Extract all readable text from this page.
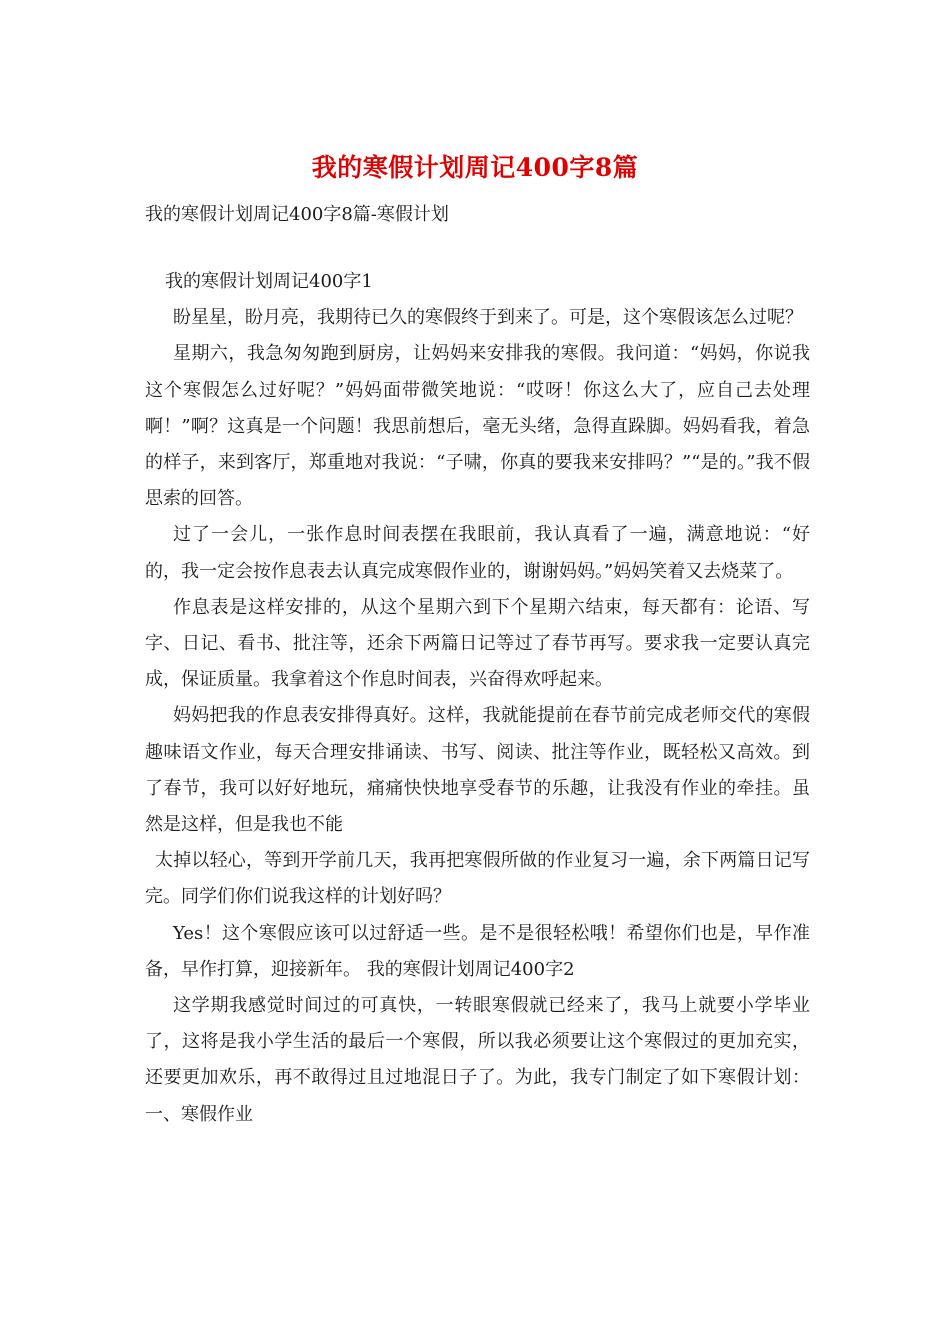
我的寒假计划周记400字8篇
我的寒假计划周记400字8篇-寒假计划

我的寒假计划周记400字1

盼星星，盼月亮，我期待已久的寒假终于到来了。可是，这个寒假该怎么过呢？

星期六，我急匆匆跑到厨房，让妈妈来安排我的寒假。我问道：“妈妈，你说我这个寒假怎么过好呢？”妈妈面带微笑地说：“哎呀！你这么大了，应自己去处理啊！”啊？这真是一个问题！我思前想后，毫无头绪，急得直跺脚。妈妈看我，着急的样子，来到客厅，郑重地对我说：“子啸，你真的要我来安排吗？”“是的。”我不假思索的回答。

过了一会儿，一张作息时间表摆在我眼前，我认真看了一遍，满意地说：“好的，我一定会按作息表去认真完成寒假作业的，谢谢妈妈。”妈妈笑着又去烧菜了。

作息表是这样安排的，从这个星期六到下个星期六结束，每天都有：论语、写字、日记、看书、批注等，还余下两篇日记等过了春节再写。要求我一定要认真完成，保证质量。我拿着这个作息时间表，兴奋得欢呼起来。

妈妈把我的作息表安排得真好。这样，我就能提前在春节前完成老师交代的寒假趣味语文作业，每天合理安排诵读、书写、阅读、批注等作业，既轻松又高效。到了春节，我可以好好地玩，痛痛快快地享受春节的乐趣，让我没有作业的牵挂。虽然是这样，但是我也不能

太掉以轻心，等到开学前几天，我再把寒假所做的作业复习一遍，余下两篇日记写完。同学们你们说我这样的计划好吗？

Yes！这个寒假应该可以过舒适一些。是不是很轻松哦！希望你们也是，早作准备，早作打算，迎接新年。 我的寒假计划周记400字2

这学期我感觉时间过的可真快，一转眼寒假就已经来了，我马上就要小学毕业了，这将是我小学生活的最后一个寒假，所以我必须要让这个寒假过的更加充实，还要更加欢乐，再不敢得过且过地混日子了。为此，我专门制定了如下寒假计划： 一、寒假作业
